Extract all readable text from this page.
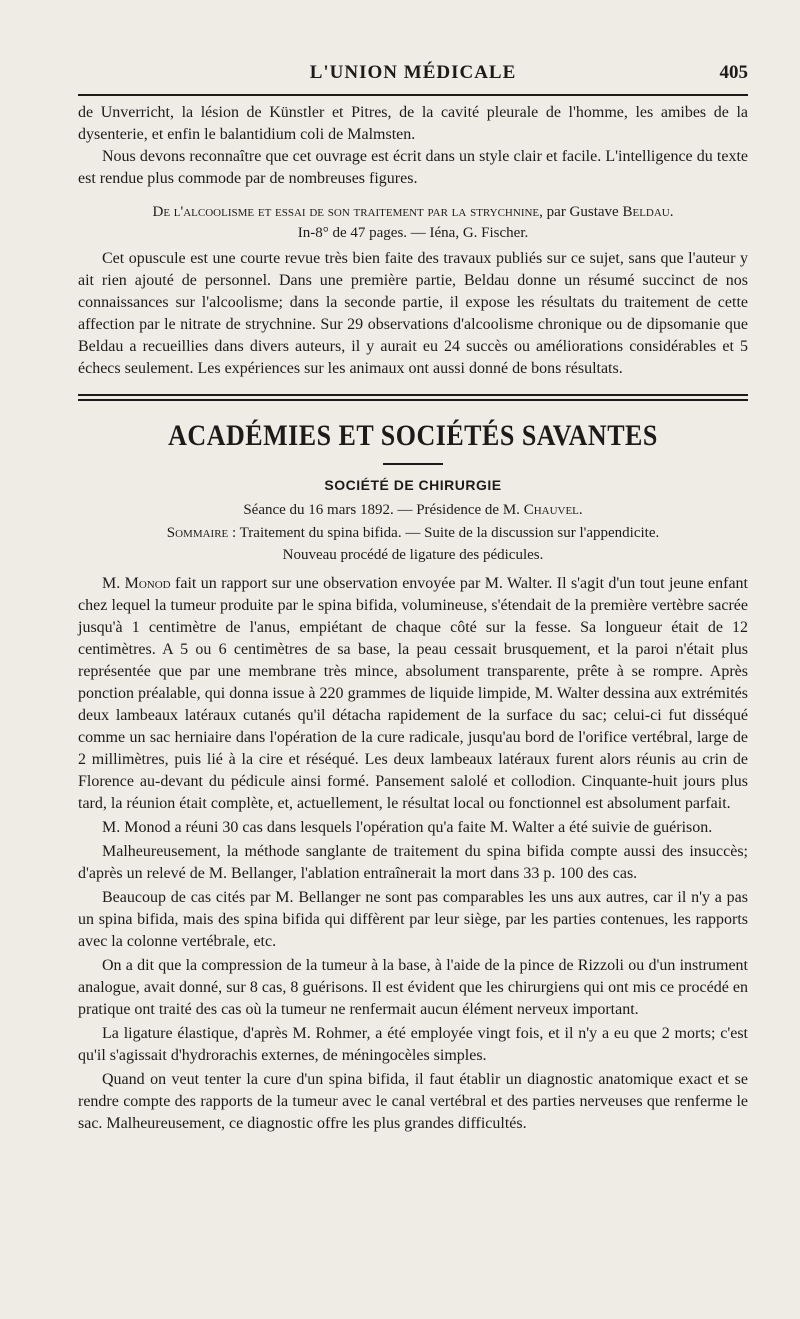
L'UNION MÉDICALE	405

de Unverricht, la lésion de Künstler et Pitres, de la cavité pleurale de l'homme, les amibes de la dysenterie, et enfin le balantidium coli de Malmsten.

Nous devons reconnaître que cet ouvrage est écrit dans un style clair et facile. L'intelligence du texte est rendue plus commode par de nombreuses figures.

De l'alcoolisme et essai de son traitement par la strychnine, par Gustave Beldau.
In-8° de 47 pages. — Iéna, G. Fischer.

Cet opuscule est une courte revue très bien faite des travaux publiés sur ce sujet, sans que l'auteur y ait rien ajouté de personnel. Dans une première partie, Beldau donne un résumé succinct de nos connaissances sur l'alcoolisme; dans la seconde partie, il expose les résultats du traitement de cette affection par le nitrate de strychnine. Sur 29 observations d'alcoolisme chronique ou de dipsomanie que Beldau a recueillies dans divers auteurs, il y aurait eu 24 succès ou améliorations considérables et 5 échecs seulement. Les expériences sur les animaux ont aussi donné de bons résultats.

ACADÉMIES ET SOCIÉTÉS SAVANTES
SOCIÉTÉ DE CHIRURGIE
Séance du 16 mars 1892. — Présidence de M. Chauvel.
Sommaire : Traitement du spina bifida. — Suite de la discussion sur l'appendicite.
Nouveau procédé de ligature des pédicules.

M. Monod fait un rapport sur une observation envoyée par M. Walter. Il s'agit d'un tout jeune enfant chez lequel la tumeur produite par le spina bifida, volumineuse, s'étendait de la première vertèbre sacrée jusqu'à 1 centimètre de l'anus, empiétant de chaque côté sur la fesse. Sa longueur était de 12 centimètres. A 5 ou 6 centimètres de sa base, la peau cessait brusquement, et la paroi n'était plus représentée que par une membrane très mince, absolument transparente, prête à se rompre. Après ponction préalable, qui donna issue à 220 grammes de liquide limpide, M. Walter dessina aux extrémités deux lambeaux latéraux cutanés qu'il détacha rapidement de la surface du sac; celui-ci fut disséqué comme un sac herniaire dans l'opération de la cure radicale, jusqu'au bord de l'orifice vertébral, large de 2 millimètres, puis lié à la cire et réséqué. Les deux lambeaux latéraux furent alors réunis au crin de Florence au-devant du pédicule ainsi formé. Pansement salolé et collodion. Cinquante-huit jours plus tard, la réunion était complète, et, actuellement, le résultat local ou fonctionnel est absolument parfait.

M. Monod a réuni 30 cas dans lesquels l'opération qu'a faite M. Walter a été suivie de guérison.

Malheureusement, la méthode sanglante de traitement du spina bifida compte aussi des insuccès; d'après un relevé de M. Bellanger, l'ablation entraînerait la mort dans 33 p. 100 des cas.

Beaucoup de cas cités par M. Bellanger ne sont pas comparables les uns aux autres, car il n'y a pas un spina bifida, mais des spina bifida qui diffèrent par leur siège, par les parties contenues, les rapports avec la colonne vertébrale, etc.

On a dit que la compression de la tumeur à la base, à l'aide de la pince de Rizzoli ou d'un instrument analogue, avait donné, sur 8 cas, 8 guérisons. Il est évident que les chirurgiens qui ont mis ce procédé en pratique ont traité des cas où la tumeur ne renfermait aucun élément nerveux important.

La ligature élastique, d'après M. Rohmer, a été employée vingt fois, et il n'y a eu que 2 morts; c'est qu'il s'agissait d'hydrorachis externes, de méningocèles simples.

Quand on veut tenter la cure d'un spina bifida, il faut établir un diagnostic anatomique exact et se rendre compte des rapports de la tumeur avec le canal vertébral et des parties nerveuses que renferme le sac. Malheureusement, ce diagnostic offre les plus grandes difficultés.
